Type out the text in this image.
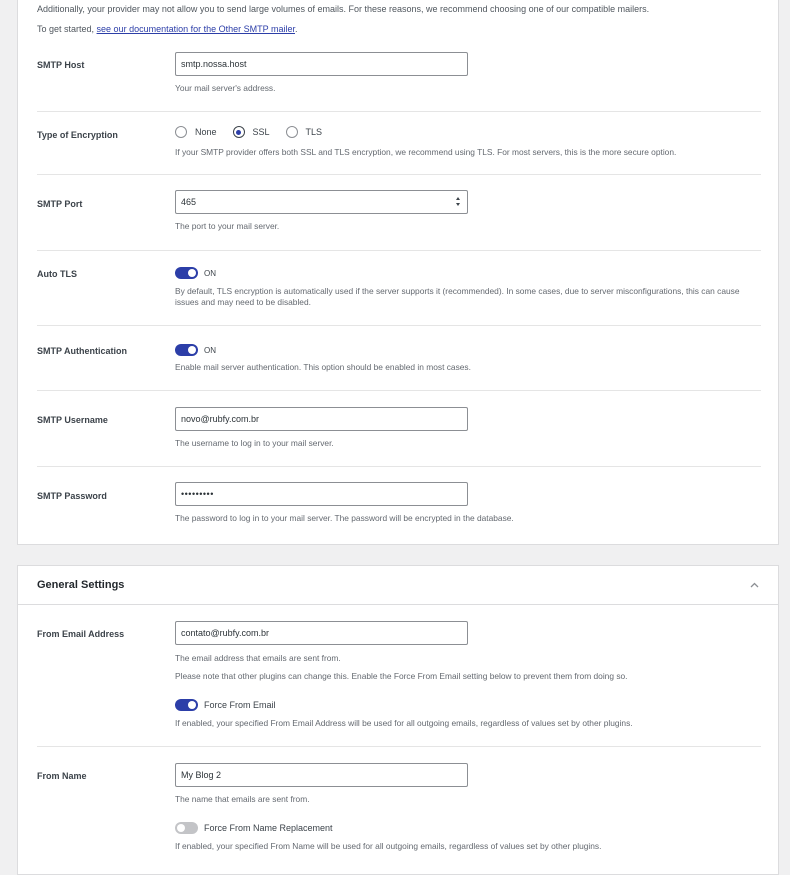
Additionally, your provider may not allow you to send large volumes of emails. For these reasons, we recommend choosing one of our compatible mailers.
To get started, see our documentation for the Other SMTP mailer.
SMTP Host	smtp.nossa.host
Your mail server's address.
Type of Encryption	None	SSL	TLS
If your SMTP provider offers both SSL and TLS encryption, we recommend using TLS. For most servers, this is the more secure option.
SMTP Port	465
The port to your mail server.
Auto TLS	ON
By default, TLS encryption is automatically used if the server supports it (recommended). In some cases, due to server misconfigurations, this can cause issues and may need to be disabled.
SMTP Authentication	ON
Enable mail server authentication. This option should be enabled in most cases.
SMTP Username	novo@rubfy.com.br
The username to log in to your mail server.
SMTP Password	•••••••••
The password to log in to your mail server. The password will be encrypted in the database.
General Settings
From Email Address	contato@rubfy.com.br
The email address that emails are sent from.
Please note that other plugins can change this. Enable the Force From Email setting below to prevent them from doing so.
Force From Email
If enabled, your specified From Email Address will be used for all outgoing emails, regardless of values set by other plugins.
From Name	My Blog 2
The name that emails are sent from.
Force From Name Replacement
If enabled, your specified From Name will be used for all outgoing emails, regardless of values set by other plugins.
